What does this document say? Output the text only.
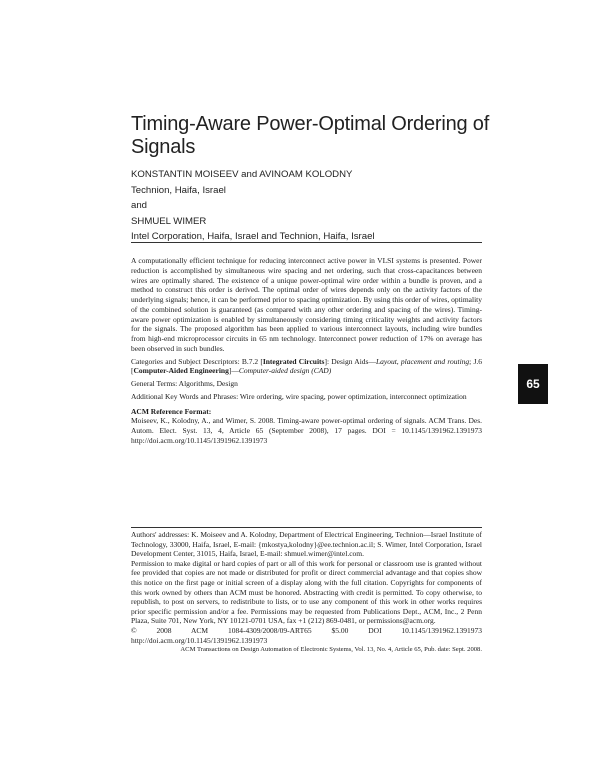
Timing-Aware Power-Optimal Ordering of Signals
KONSTANTIN MOISEEV and AVINOAM KOLODNY
Technion, Haifa, Israel
and
SHMUEL WIMER
Intel Corporation, Haifa, Israel and Technion, Haifa, Israel

A computationally efficient technique for reducing interconnect active power in VLSI systems is presented. Power reduction is accomplished by simultaneous wire spacing and net ordering, such that cross-capacitances between wires are optimally shared. The existence of a unique power-optimal wire order within a bundle is proven, and a method to construct this order is derived. The optimal order of wires depends only on the activity factors of the underlying signals; hence, it can be performed prior to spacing optimization. By using this order of wires, optimality of the combined solution is guaranteed (as compared with any other ordering and spacing of the wires). Timing-aware power optimization is enabled by simultaneously considering timing criticality weights and activity factors for the signals. The proposed algorithm has been applied to various interconnect layouts, including wire bundles from high-end microprocessor circuits in 65 nm technology. Interconnect power reduction of 17% on average has been observed in such bundles.

Categories and Subject Descriptors: B.7.2 [Integrated Circuits]: Design Aids—Layout, placement and routing; J.6 [Computer-Aided Engineering]—Computer-aided design (CAD)

General Terms: Algorithms, Design

Additional Key Words and Phrases: Wire ordering, wire spacing, power optimization, interconnect optimization

ACM Reference Format:

Moiseev, K., Kolodny, A., and Wimer, S. 2008. Timing-aware power-optimal ordering of signals. ACM Trans. Des. Autom. Elect. Syst. 13, 4, Article 65 (September 2008), 17 pages. DOI = 10.1145/1391962.1391973 http://doi.acm.org/10.1145/1391962.1391973

Authors' addresses: K. Moiseev and A. Kolodny, Department of Electrical Engineering, Technion—Israel Institute of Technology, 33000, Haifa, Israel, E-mail: {mkostya,kolodny}@ee.technion.ac.il; S. Wimer, Intel Corporation, Israel Development Center, 31015, Haifa, Israel, E-mail: shmuel.wimer@intel.com.

Permission to make digital or hard copies of part or all of this work for personal or classroom use is granted without fee provided that copies are not made or distributed for profit or direct commercial advantage and that copies show this notice on the first page or initial screen of a display along with the full citation. Copyrights for components of this work owned by others than ACM must be honored. Abstracting with credit is permitted. To copy otherwise, to republish, to post on servers, to redistribute to lists, or to use any component of this work in other works requires prior specific permission and/or a fee. Permissions may be requested from Publications Dept., ACM, Inc., 2 Penn Plaza, Suite 701, New York, NY 10121-0701 USA, fax +1 (212) 869-0481, or permissions@acm.org.

© 2008 ACM 1084-4309/2008/09-ART65 $5.00 DOI 10.1145/1391962.1391973 http://doi.acm.org/10.1145/1391962.1391973

ACM Transactions on Design Automation of Electronic Systems, Vol. 13, No. 4, Article 65, Pub. date: Sept. 2008.
65
